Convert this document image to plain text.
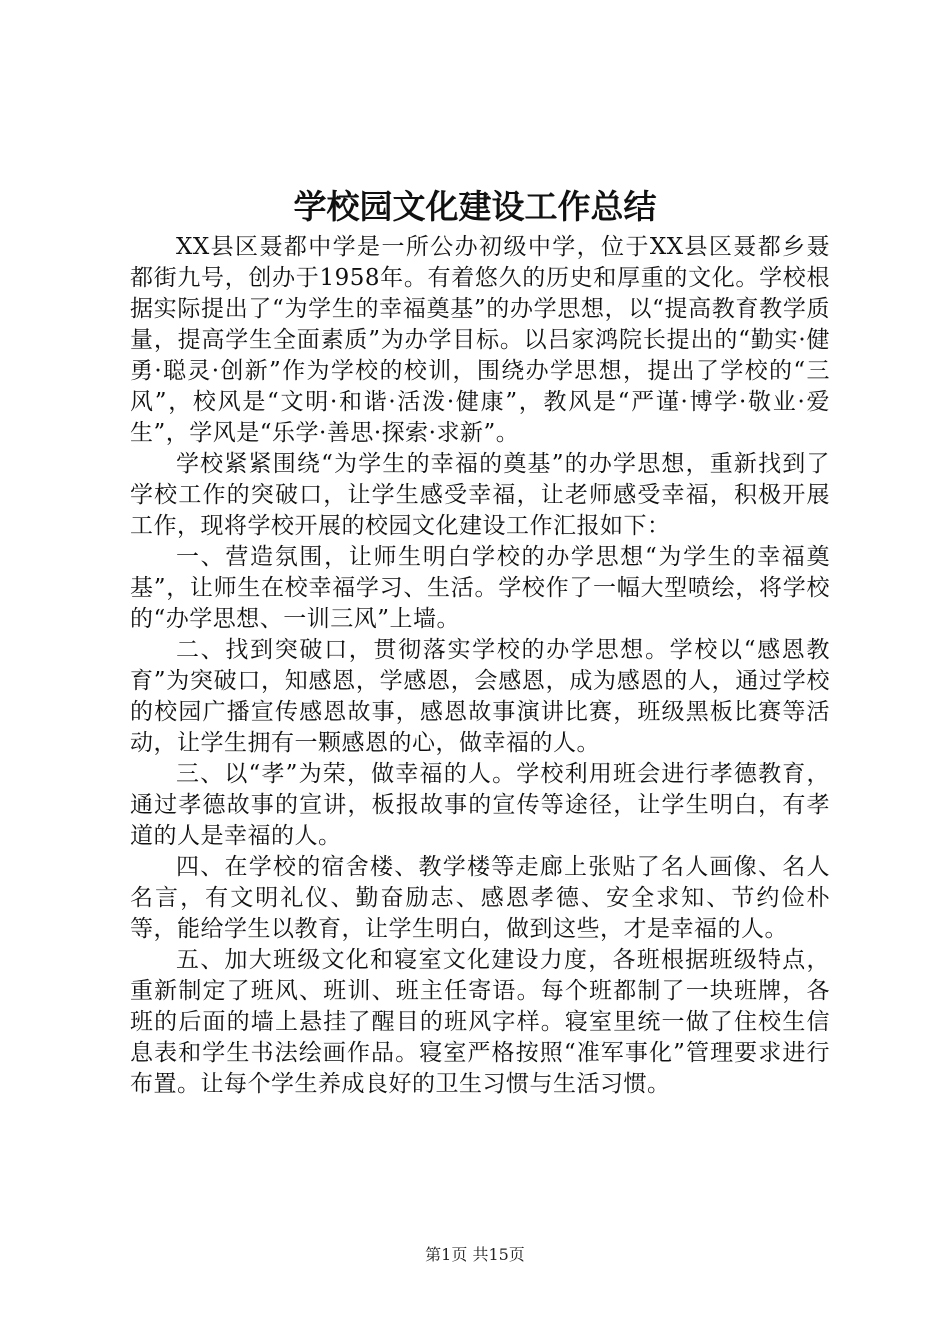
学校园文化建设工作总结

XX县区聂都中学是一所公办初级中学，位于XX县区聂都乡聂都街九号，创办于1958年。有着悠久的历史和厚重的文化。学校根据实际提出了“为学生的幸福奠基”的办学思想，以“提高教育教学质量，提高学生全面素质”为办学目标。以吕家鸿院长提出的“勤实·健勇·聪灵·创新”作为学校的校训，围绕办学思想，提出了学校的“三风”，校风是“文明·和谐·活泼·健康”，教风是“严谨·博学·敬业·爱生”，学风是“乐学·善思·探索·求新”。

学校紧紧围绕“为学生的幸福的奠基”的办学思想，重新找到了学校工作的突破口，让学生感受幸福，让老师感受幸福，积极开展工作，现将学校开展的校园文化建设工作汇报如下：

一、营造氛围，让师生明白学校的办学思想“为学生的幸福奠基”，让师生在校幸福学习、生活。学校作了一幅大型喷绘，将学校的“办学思想、一训三风”上墙。

二、找到突破口，贯彻落实学校的办学思想。学校以“感恩教育”为突破口，知感恩，学感恩，会感恩，成为感恩的人，通过学校的校园广播宣传感恩故事，感恩故事演讲比赛，班级黑板比赛等活动，让学生拥有一颗感恩的心，做幸福的人。

三、以“孝”为荣，做幸福的人。学校利用班会进行孝德教育，通过孝德故事的宣讲，板报故事的宣传等途径，让学生明白，有孝道的人是幸福的人。

四、在学校的宿舍楼、教学楼等走廊上张贴了名人画像、名人名言，有文明礼仪、勤奋励志、感恩孝德、安全求知、节约俭朴等，能给学生以教育，让学生明白，做到这些，才是幸福的人。

五、加大班级文化和寝室文化建设力度，各班根据班级特点，重新制定了班风、班训、班主任寄语。每个班都制了一块班牌，各班的后面的墙上悬挂了醒目的班风字样。寝室里统一做了住校生信息表和学生书法绘画作品。寝室严格按照“准军事化”管理要求进行布置。让每个学生养成良好的卫生习惯与生活习惯。

第1页 共15页
